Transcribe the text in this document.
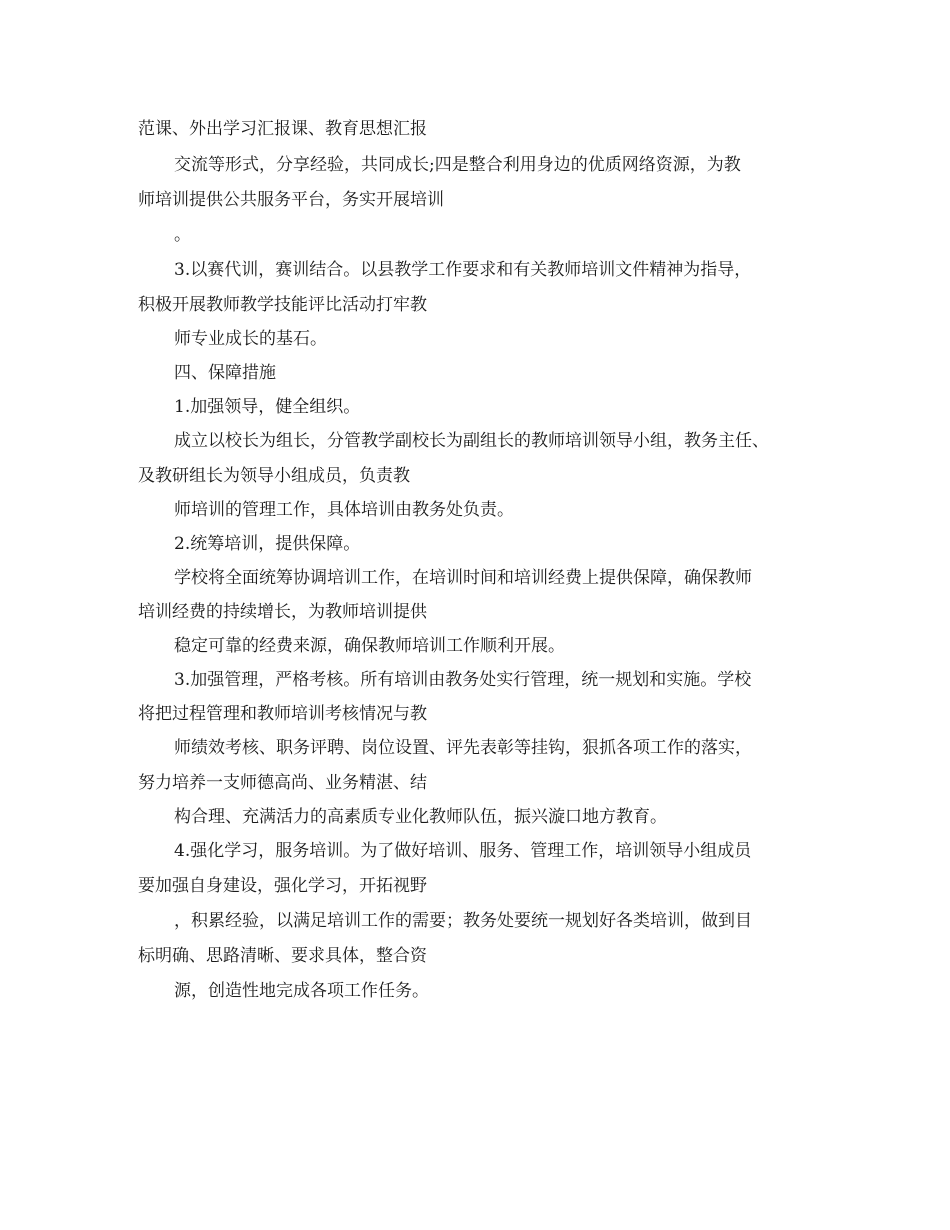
范课、外出学习汇报课、教育思想汇报
交流等形式，分享经验，共同成长;四是整合利用身边的优质网络资源，为教
师培训提供公共服务平台，务实开展培训
。
3.以赛代训，赛训结合。以县教学工作要求和有关教师培训文件精神为指导，
积极开展教师教学技能评比活动打牢教
师专业成长的基石。
四、保障措施
1.加强领导，健全组织。
成立以校长为组长，分管教学副校长为副组长的教师培训领导小组，教务主任、
及教研组长为领导小组成员，负责教
师培训的管理工作，具体培训由教务处负责。
2.统筹培训，提供保障。
学校将全面统筹协调培训工作，在培训时间和培训经费上提供保障，确保教师
培训经费的持续增长，为教师培训提供
稳定可靠的经费来源，确保教师培训工作顺利开展。
3.加强管理，严格考核。所有培训由教务处实行管理，统一规划和实施。学校
将把过程管理和教师培训考核情况与教
师绩效考核、职务评聘、岗位设置、评先表彰等挂钩，狠抓各项工作的落实，
努力培养一支师德高尚、业务精湛、结
构合理、充满活力的高素质专业化教师队伍，振兴漩口地方教育。
4.强化学习，服务培训。为了做好培训、服务、管理工作，培训领导小组成员
要加强自身建设，强化学习，开拓视野
，积累经验，以满足培训工作的需要；教务处要统一规划好各类培训，做到目
标明确、思路清晰、要求具体，整合资
源，创造性地完成各项工作任务。
